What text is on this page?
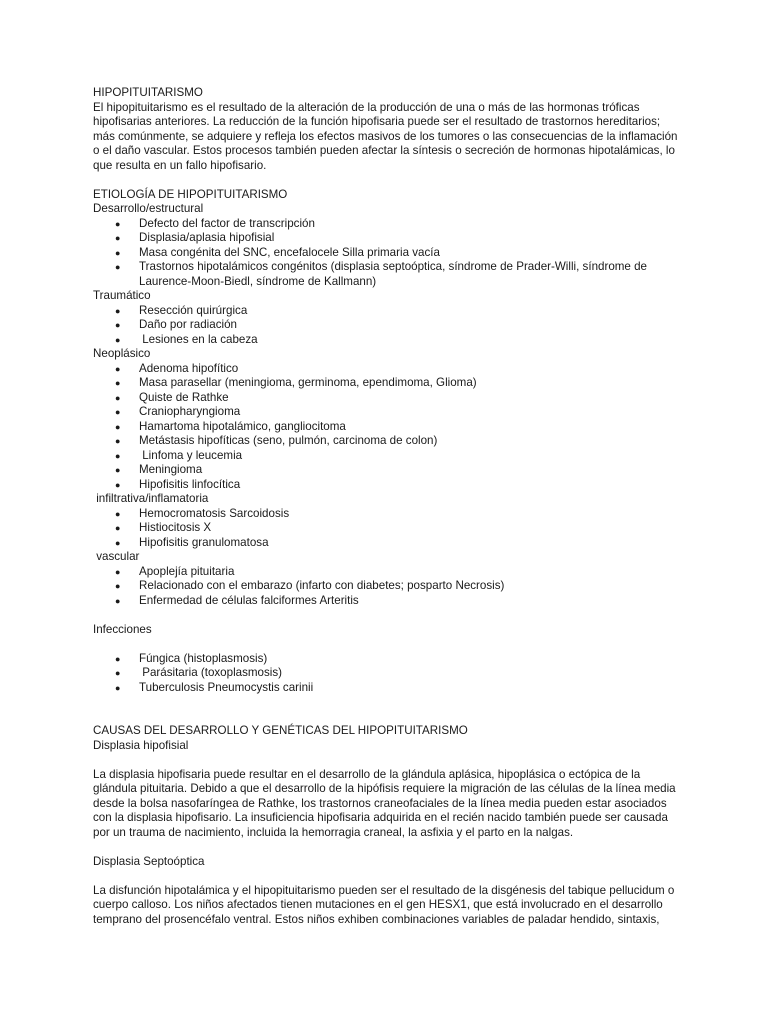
HIPOPITUITARISMO

El hipopituitarismo es el resultado de la alteración de la producción de una o más de las hormonas tróficas hipofisarias anteriores. La reducción de la función hipofisaria puede ser el resultado de trastornos hereditarios; más comúnmente, se adquiere y refleja los efectos masivos de los tumores o las consecuencias de la inflamación o el daño vascular. Estos procesos también pueden afectar la síntesis o secreción de hormonas hipotalámicas, lo que resulta en un fallo hipofisario.

ETIOLOGÍA DE HIPOPITUITARISMO

Desarrollo/estructural

● Defecto del factor de transcripción
● Displasia/aplasia hipofisial
● Masa congénita del SNC, encefalocele Silla primaria vacía
● Trastornos hipotalámicos congénitos (displasia septoóptica, síndrome de Prader-Willi, síndrome de Laurence-Moon-Biedl, síndrome de Kallmann)

Traumático

● Resección quirúrgica
● Daño por radiación
● Lesiones en la cabeza

Neoplásico

● Adenoma hipofítico
● Masa parasellar (meningioma, germinoma, ependimoma, Glioma)
● Quiste de Rathke
● Craniopharyngioma
● Hamartoma hipotalámico, gangliocitoma
● Metástasis hipofíticas (seno, pulmón, carcinoma de colon)
● Linfoma y leucemia
● Meningioma
● Hipofisitis linfocítica

infiltrativa/inflamatoria

● Hemocromatosis Sarcoidosis
● Histiocitosis X
● Hipofisitis granulomatosa

vascular

● Apoplejía pituitaria
● Relacionado con el embarazo (infarto con diabetes; posparto Necrosis)
● Enfermedad de células falciformes Arteritis

Infecciones

● Fúngica (histoplasmosis)
● Parásitaria (toxoplasmosis)
● Tuberculosis Pneumocystis carinii
CAUSAS DEL DESARROLLO Y GENÉTICAS DEL HIPOPITUITARISMO

Displasia hipofisial

La displasia hipofisaria puede resultar en el desarrollo de la glándula aplásica, hipoplásica o ectópica de la glándula pituitaria. Debido a que el desarrollo de la hipófisis requiere la migración de las células de la línea media desde la bolsa nasofaríngea de Rathke, los trastornos craneofaciales de la línea media pueden estar asociados con la displasia hipofisario. La insuficiencia hipofisaria adquirida en el recién nacido también puede ser causada por un trauma de nacimiento, incluida la hemorragia craneal, la asfixia y el parto en la nalgas.

Displasia Septoóptica

La disfunción hipotalámica y el hipopituitarismo pueden ser el resultado de la disgénesis del tabique pellucidum o cuerpo calloso. Los niños afectados tienen mutaciones en el gen HESX1, que está involucrado en el desarrollo temprano del prosencéfalo ventral. Estos niños exhiben combinaciones variables de paladar hendido, sintaxis,
